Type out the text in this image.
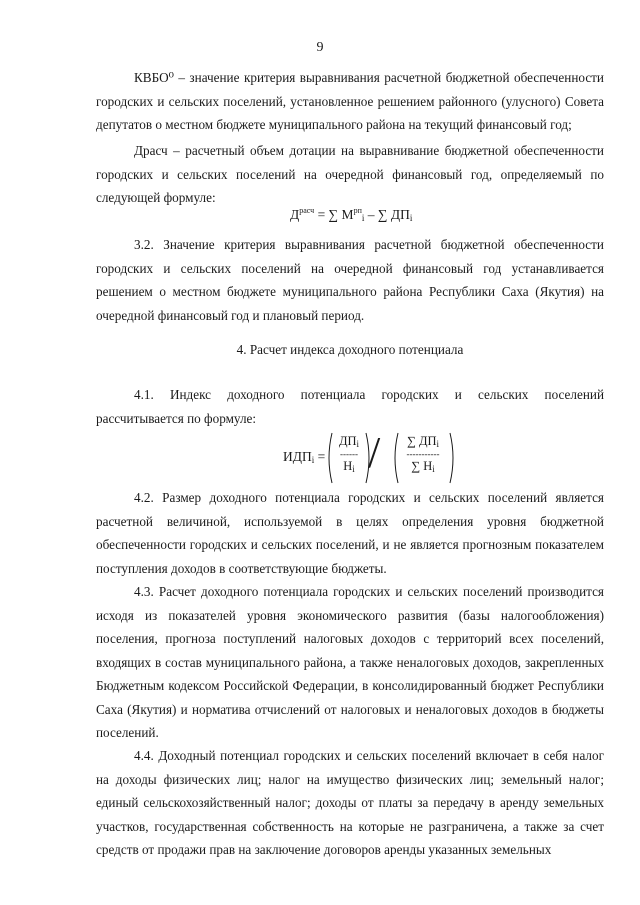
9
КВБО⁰ – значение критерия выравнивания расчетной бюджетной обеспеченности городских и сельских поселений, установленное решением районного (улусного) Совета депутатов о местном бюджете муниципального района на текущий финансовый год;
Драсч – расчетный объем дотации на выравнивание бюджетной обеспеченности городских и сельских поселений на очередной финансовый год, определяемый по следующей формуле:
$Д^{расч}$ = ∑ $М^{рп}_i$ – ∑ $ДП_i$
3.2. Значение критерия выравнивания расчетной бюджетной обеспеченности городских и сельских поселений на очередной финансовый год устанавливается решением о местном бюджете муниципального района Республики Саха (Якутия) на очередной финансовый год и плановый период.
4. Расчет индекса доходного потенциала
4.1. Индекс доходного потенциала городских и сельских поселений рассчитывается по формуле:
$ИДП_i$ =
$ДП_i$
------
$H_i$ /	∑ $ДП_i$
-----------
∑ $H_i$
4.2. Размер доходного потенциала городских и сельских поселений является расчетной величиной, используемой в целях определения уровня бюджетной обеспеченности городских и сельских поселений, и не является прогнозным показателем поступления доходов в соответствующие бюджеты.
4.3. Расчет доходного потенциала городских и сельских поселений производится исходя из показателей уровня экономического развития (базы налогообложения) поселения, прогноза поступлений налоговых доходов с территорий всех поселений, входящих в состав муниципального района, а также неналоговых доходов, закрепленных Бюджетным кодексом Российской Федерации, в консолидированный бюджет Республики Саха (Якутия) и норматива отчислений от налоговых и неналоговых доходов в бюджеты поселений.
4.4. Доходный потенциал городских и сельских поселений включает в себя налог на доходы физических лиц; налог на имущество физических лиц; земельный налог; единый сельскохозяйственный налог; доходы от платы за передачу в аренду земельных участков, государственная собственность на которые не разграничена, а также за счет средств от продажи прав на заключение договоров аренды указанных земельных
